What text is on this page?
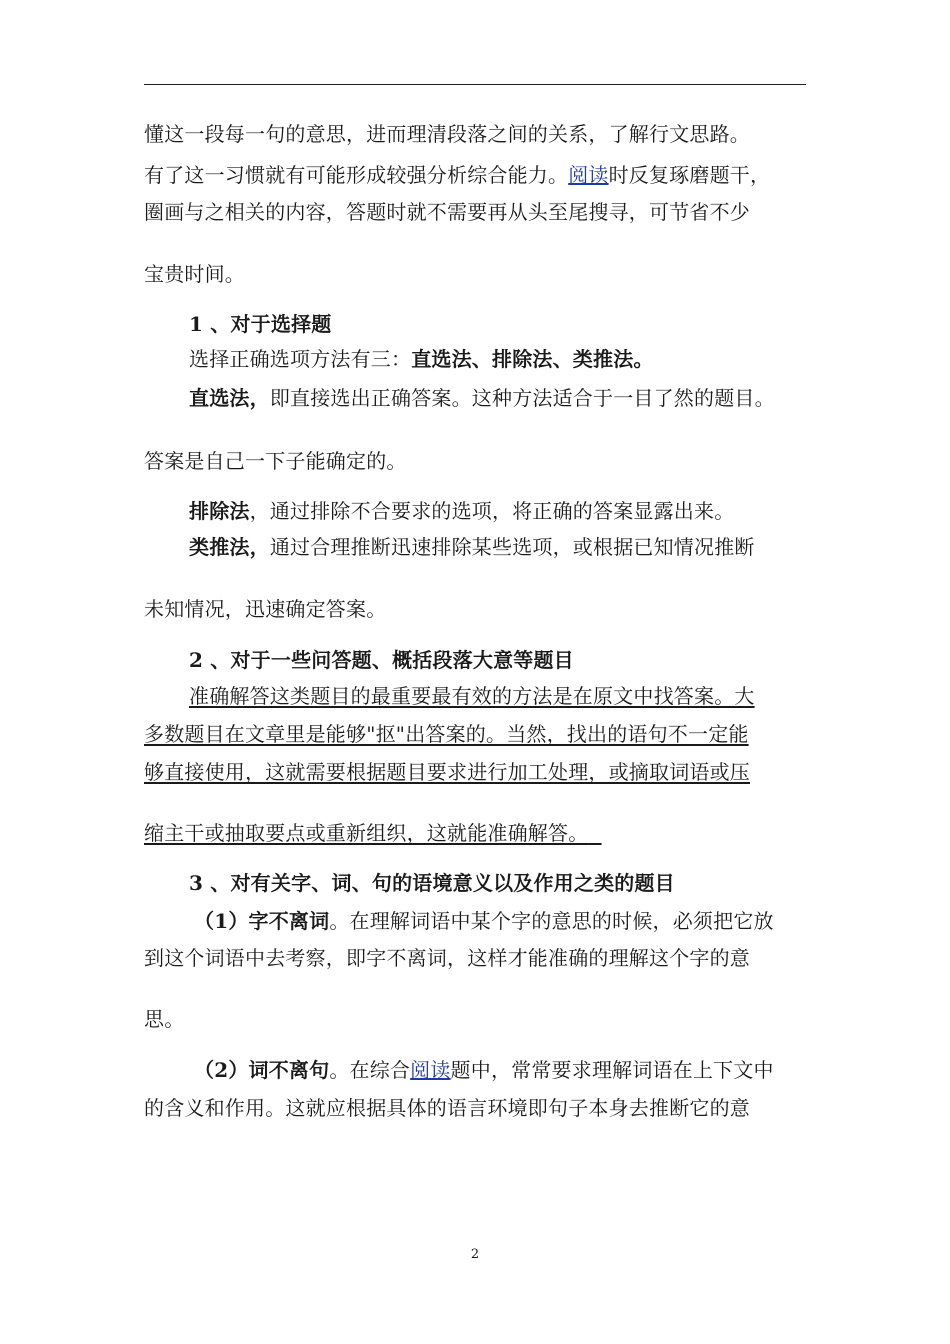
懂这一段每一句的意思，进而理清段落之间的关系，了解行文思路。
有了这一习惯就有可能形成较强分析综合能力。阅读时反复琢磨题干，
圈画与之相关的内容，答题时就不需要再从头至尾搜寻，可节省不少
宝贵时间。
1 、对于选择题
选择正确选项方法有三：直选法、排除法、类推法。
直选法，即直接选出正确答案。这种方法适合于一目了然的题目。
答案是自己一下子能确定的。
排除法，通过排除不合要求的选项，将正确的答案显露出来。
类推法，通过合理推断迅速排除某些选项，或根据已知情况推断
未知情况，迅速确定答案。
2 、对于一些问答题、概括段落大意等题目
准确解答这类题目的最重要最有效的方法是在原文中找答案。大
多数题目在文章里是能够"抠"出答案的。当然，找出的语句不一定能
够直接使用，这就需要根据题目要求进行加工处理，或摘取词语或压
缩主干或抽取要点或重新组织，这就能准确解答。
3 、对有关字、词、句的语境意义以及作用之类的题目
（1）字不离词。在理解词语中某个字的意思的时候，必须把它放
到这个词语中去考察，即字不离词，这样才能准确的理解这个字的意
思。
（2）词不离句。在综合阅读题中，常常要求理解词语在上下文中
的含义和作用。这就应根据具体的语言环境即句子本身去推断它的意
2
